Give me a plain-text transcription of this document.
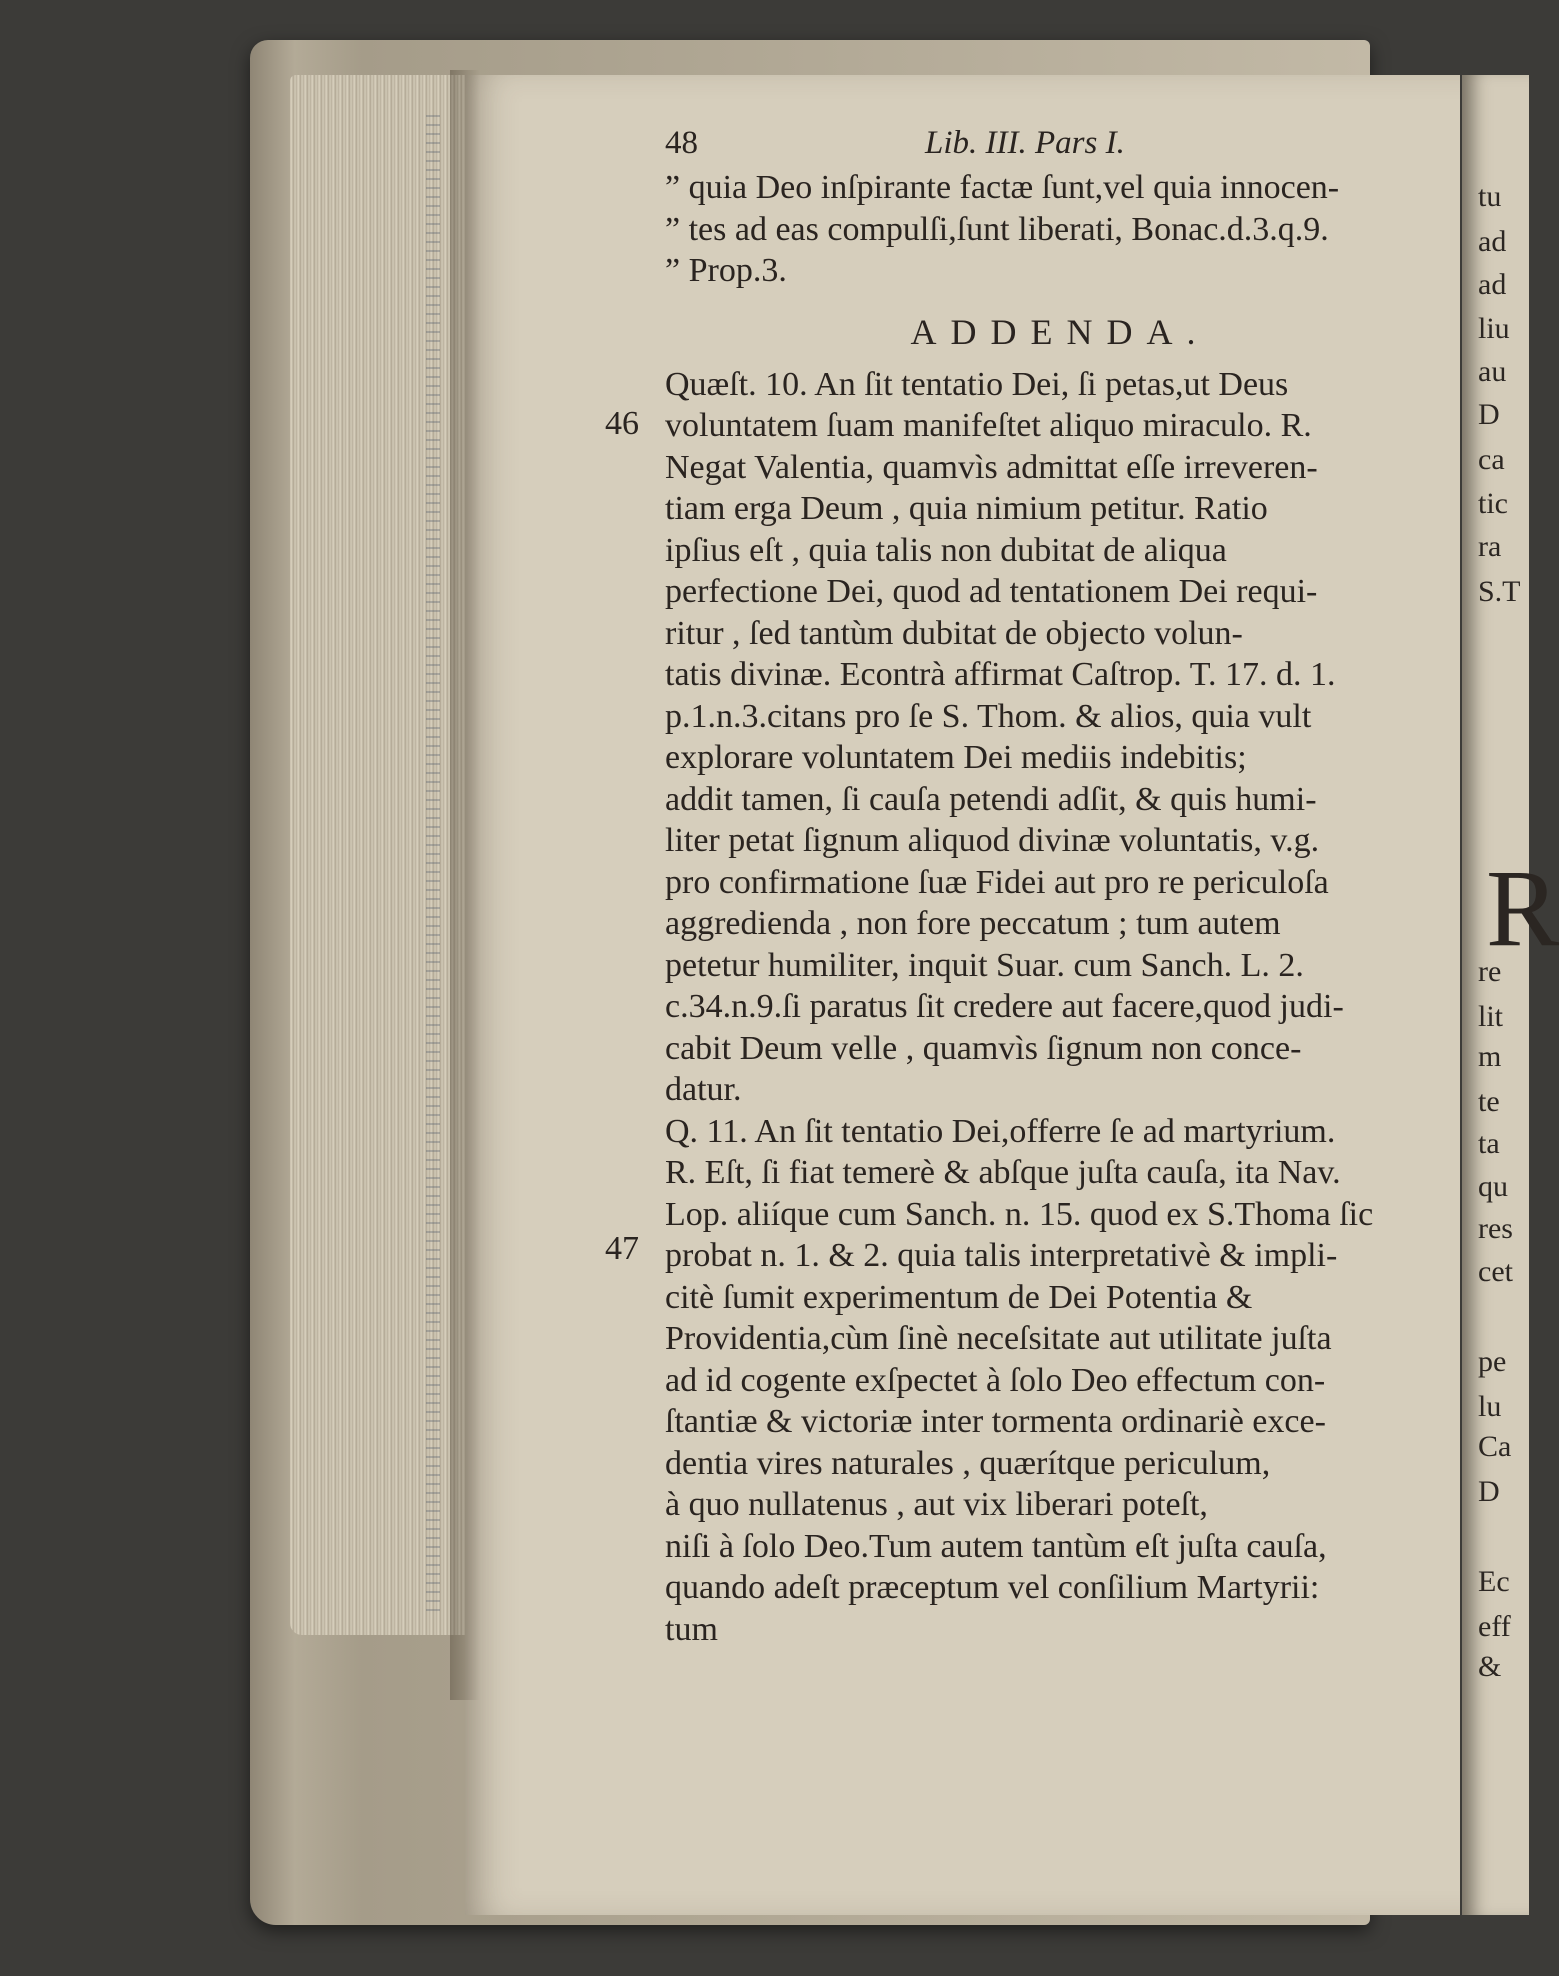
48	Lib. III. Pars I.
” quia Deo inſpirante factæ ſunt,vel quia innocen-
” tes ad eas compulſi,ſunt liberati, Bonac.d.3.q.9.
” Prop.3.
ADDENDA.
Quæſt. 10. An ſit tentatio Dei, ſi petas,ut Deus
voluntatem ſuam manifeſtet aliquo miraculo. R.
Negat Valentia, quamvìs admittat eſſe irreveren-
tiam erga Deum , quia nimium petitur. Ratio
ipſius eſt , quia talis non dubitat de aliqua
perfectione Dei, quod ad tentationem Dei requi-
ritur , ſed tantùm dubitat de objecto volun-
tatis divinæ. Econtrà affirmat Caſtrop. T. 17. d. 1.
p.1.n.3.citans pro ſe S. Thom. & alios, quia vult
explorare voluntatem Dei mediis indebitis;
addit tamen, ſi cauſa petendi adſit, & quis humi-
liter petat ſignum aliquod divinæ voluntatis, v.g.
pro confirmatione ſuæ Fidei aut pro re periculoſa
aggredienda , non fore peccatum ; tum autem
petetur humiliter, inquit Suar. cum Sanch. L. 2.
c.34.n.9.ſi paratus ſit credere aut facere,quod judi-
cabit Deum velle , quamvìs ſignum non conce-
datur.
Q. 11. An ſit tentatio Dei,offerre ſe ad martyrium.
R. Eſt, ſi fiat temerè & abſque juſta cauſa, ita Nav.
Lop. aliíque cum Sanch. n. 15. quod ex S.Thoma ſic
probat n. 1. & 2. quia talis interpretativè & impli-
citè ſumit experimentum de Dei Potentia &
Providentia,cùm ſinè neceſsitate aut utilitate juſta
ad id cogente exſpectet à ſolo Deo effectum con-
ſtantiæ & victoriæ inter tormenta ordinariè exce-
dentia vires naturales , quærítque periculum,
à quo nullatenus , aut vix liberari poteſt,
niſi à ſolo Deo.Tum autem tantùm eſt juſta cauſa,
quando adeſt præceptum vel conſilium Martyrii:
tum
46
47
tu
ad
ad
liu
au
D
ca
tic
ra
S.T
re
lit
m
te
ta
qu
res
cet
pe
lu
Ca
D
Ec
eff
&
R
